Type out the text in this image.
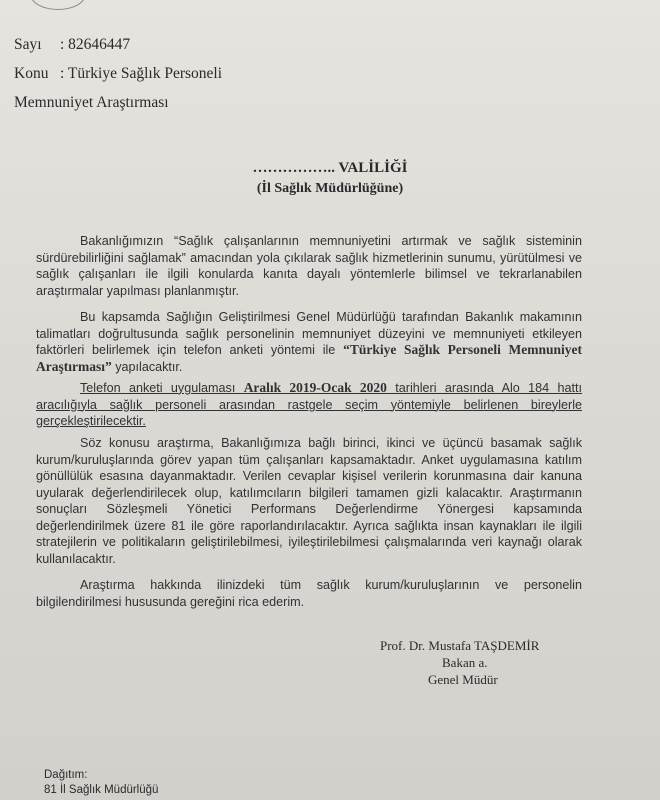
Sayı : 82646447
Konu : Türkiye Sağlık Personeli
Memnuniyet Araştırması
…………….. VALİLİĞİ
(İl Sağlık Müdürlüğüne)
Bakanlığımızın “Sağlık çalışanlarının memnuniyetini artırmak ve sağlık sisteminin sürdürebilirliğini sağlamak” amacından yola çıkılarak sağlık hizmetlerinin sunumu, yürütülmesi ve sağlık çalışanları ile ilgili konularda kanıta dayalı yöntemlerle bilimsel ve tekrarlanabilen araştırmalar yapılması planlanmıştır.
Bu kapsamda Sağlığın Geliştirilmesi Genel Müdürlüğü tarafından Bakanlık makamının talimatları doğrultusunda sağlık personelinin memnuniyet düzeyini ve memnuniyeti etkileyen faktörleri belirlemek için telefon anketi yöntemi ile “Türkiye Sağlık Personeli Memnuniyet Araştırması” yapılacaktır.
Telefon anketi uygulaması Aralık 2019-Ocak 2020 tarihleri arasında Alo 184 hattı aracılığıyla sağlık personeli arasından rastgele seçim yöntemiyle belirlenen bireylerle gerçekleştirilecektir.
Söz konusu araştırma, Bakanlığımıza bağlı birinci, ikinci ve üçüncü basamak sağlık kurum/kuruluşlarında görev yapan tüm çalışanları kapsamaktadır. Anket uygulamasına katılım gönüllülük esasına dayanmaktadır. Verilen cevaplar kişisel verilerin korunmasına dair kanuna uyularak değerlendirilecek olup, katılımcıların bilgileri tamamen gizli kalacaktır. Araştırmanın sonuçları Sözleşmeli Yönetici Performans Değerlendirme Yönergesi kapsamında değerlendirilmek üzere 81 ile göre raporlandırılacaktır. Ayrıca sağlıkta insan kaynakları ile ilgili stratejilerin ve politikaların geliştirilebilmesi, iyileştirilebilmesi çalışmalarında veri kaynağı olarak kullanılacaktır.
Araştırma hakkında ilinizdeki tüm sağlık kurum/kuruluşlarının ve personelin bilgilendirilmesi hususunda gereğini rica ederim.
Prof. Dr. Mustafa TAŞDEMİR
Bakan a.
Genel Müdür
Dağıtım:
81 İl Sağlık Müdürlüğü
